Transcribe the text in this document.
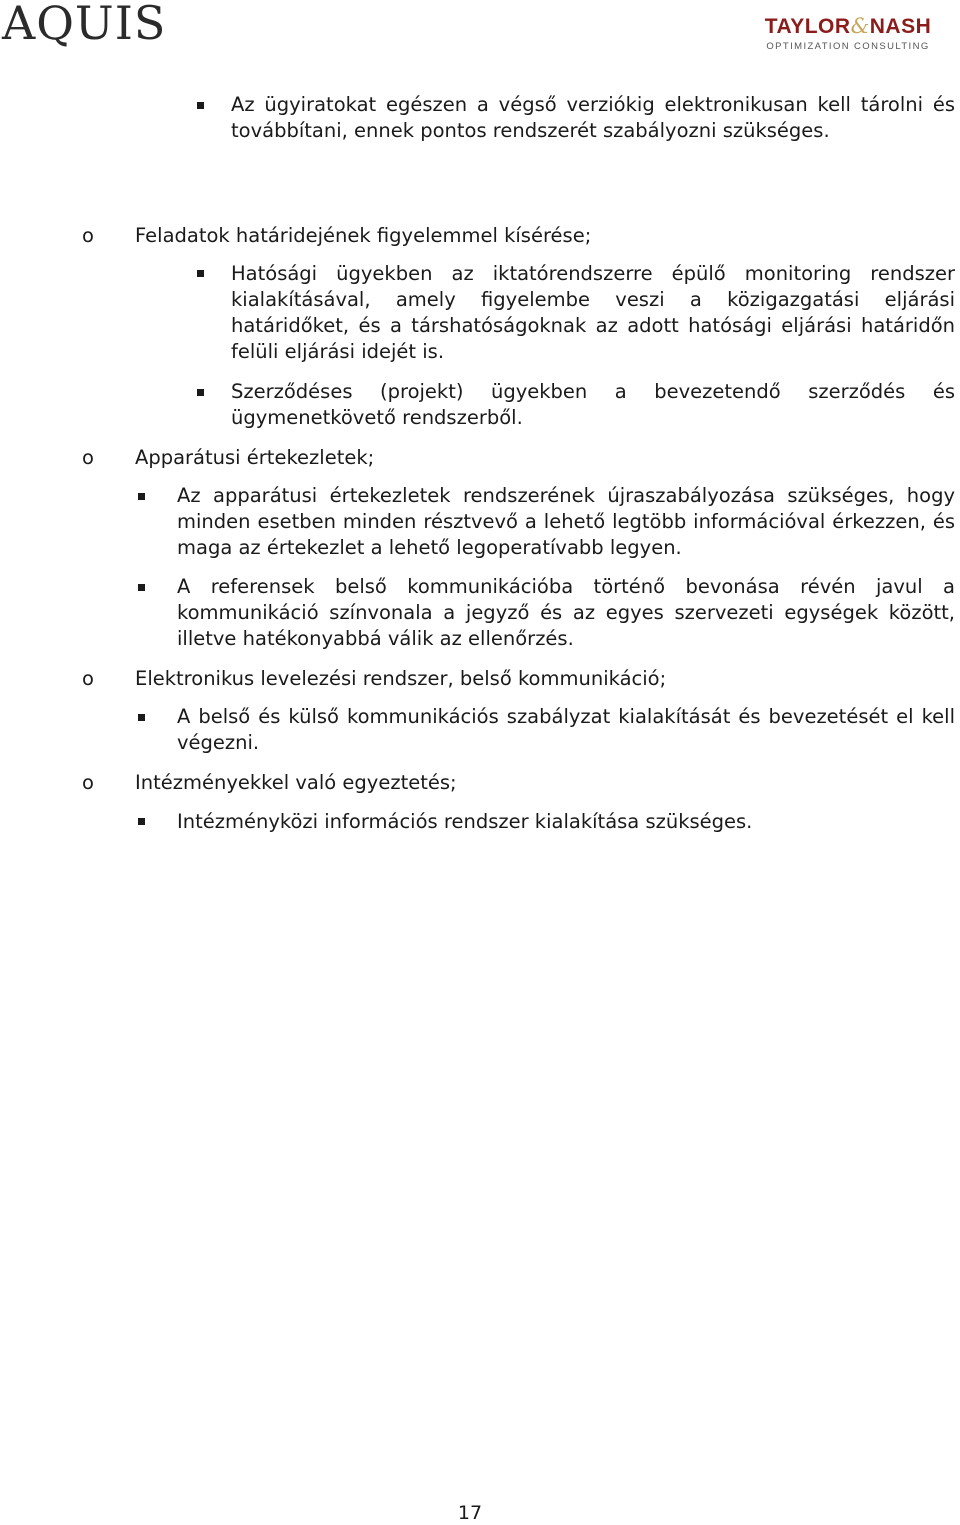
AQUIS	TAYLOR&NASH
OPTIMIZATION CONSULTING
Az ügyiratokat egészen a végső verziókig elektronikusan kell tárolni és továbbítani, ennek pontos rendszerét szabályozni szükséges.
o Feladatok határidejének figyelemmel kísérése;
Hatósági ügyekben az iktatórendszerre épülő monitoring rendszer kialakításával, amely figyelembe veszi a közigazgatási eljárási határidőket, és a társhatóságoknak az adott hatósági eljárási határidőn felüli eljárási idejét is.
Szerződéses (projekt) ügyekben a bevezetendő szerződés és ügymenetkövető rendszerből.
o Apparátusi értekezletek;
Az apparátusi értekezletek rendszerének újraszabályozása szükséges, hogy minden esetben minden résztvevő a lehető legtöbb információval érkezzen, és maga az értekezlet a lehető legoperatívabb legyen.
A referensek belső kommunikációba történő bevonása révén javul a kommunikáció színvonala a jegyző és az egyes szervezeti egységek között, illetve hatékonyabbá válik az ellenőrzés.
o Elektronikus levelezési rendszer, belső kommunikáció;
A belső és külső kommunikációs szabályzat kialakítását és bevezetését el kell végezni.
o Intézményekkel való egyeztetés;
Intézményközi információs rendszer kialakítása szükséges.
17
